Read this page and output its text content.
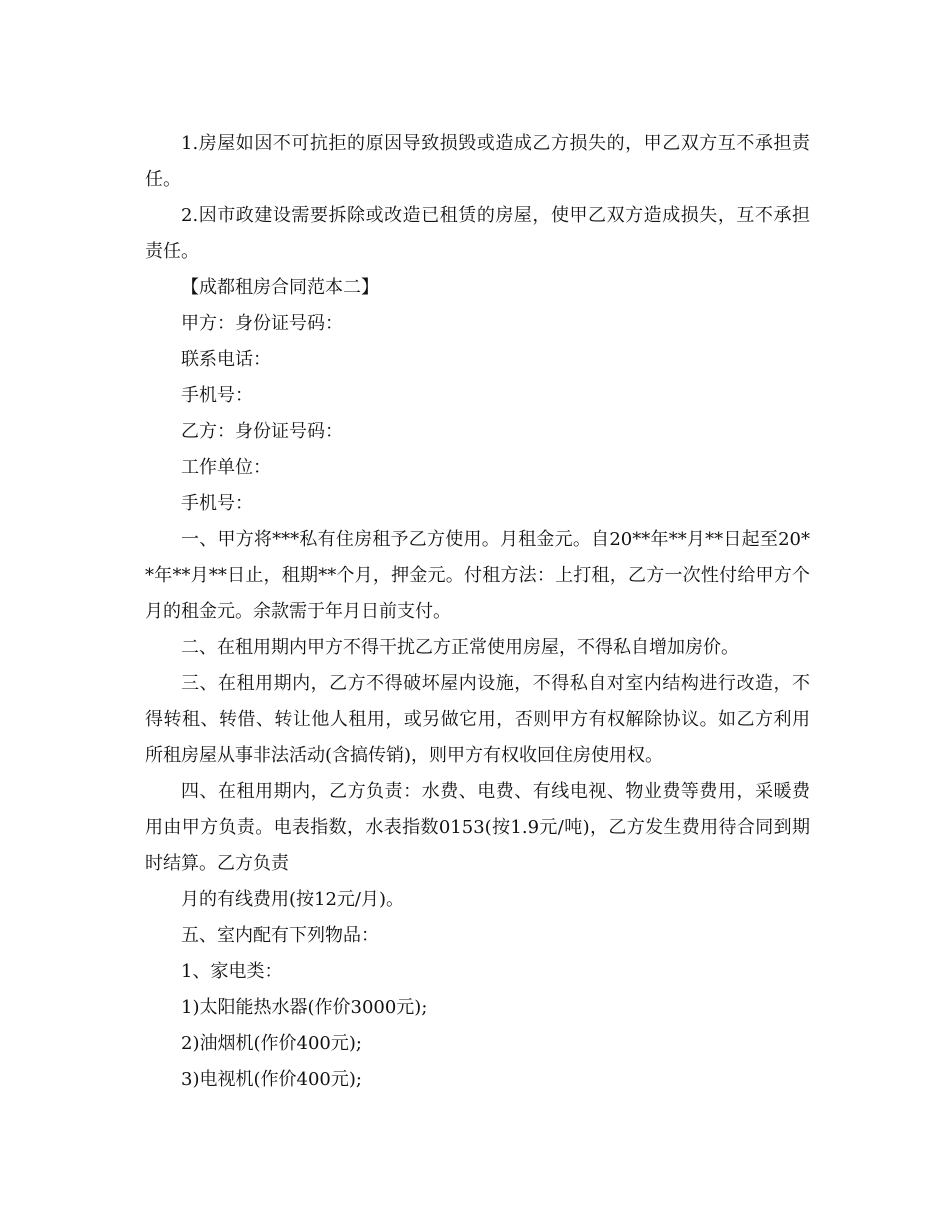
1.房屋如因不可抗拒的原因导致损毁或造成乙方损失的，甲乙双方互不承担责任。

2.因市政建设需要拆除或改造已租赁的房屋，使甲乙双方造成损失，互不承担责任。

【成都租房合同范本二】

甲方：身份证号码：

联系电话：

手机号：

乙方：身份证号码：

工作单位：

手机号：

一、甲方将***私有住房租予乙方使用。月租金元。自20**年**月**日起至20**年**月**日止，租期**个月，押金元。付租方法：上打租，乙方一次性付给甲方个月的租金元。余款需于年月日前支付。

二、在租用期内甲方不得干扰乙方正常使用房屋，不得私自增加房价。

三、在租用期内，乙方不得破坏屋内设施，不得私自对室内结构进行改造，不得转租、转借、转让他人租用，或另做它用，否则甲方有权解除协议。如乙方利用所租房屋从事非法活动(含搞传销)，则甲方有权收回住房使用权。

四、在租用期内，乙方负责：水费、电费、有线电视、物业费等费用，采暖费用由甲方负责。电表指数，水表指数0153(按1.9元/吨)，乙方发生费用待合同到期时结算。乙方负责

月的有线费用(按12元/月)。

五、室内配有下列物品：

1、家电类：

1)太阳能热水器(作价3000元);

2)油烟机(作价400元);

3)电视机(作价400元);
